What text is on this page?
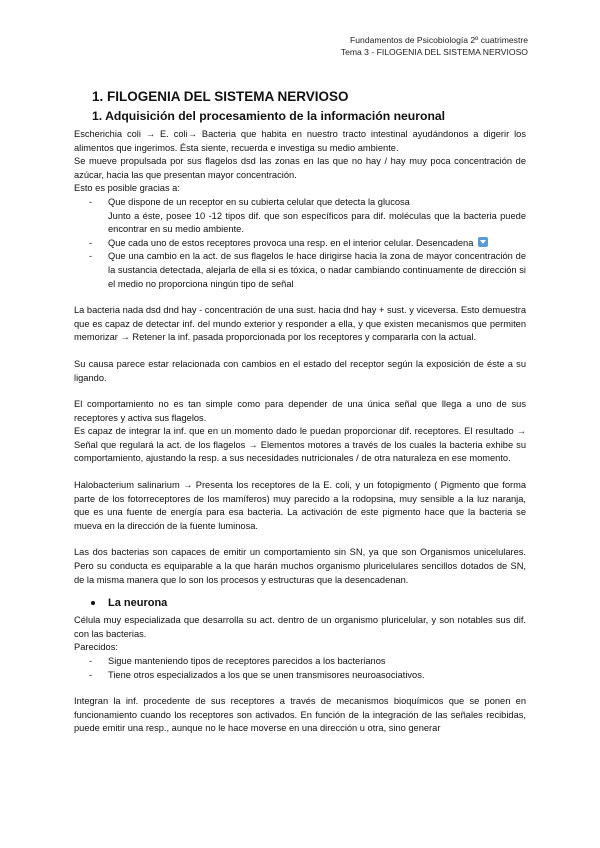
Fundamentos de Psicobiología 2º cuatrimestre
Tema 3 - FILOGENIA DEL SISTEMA NERVIOSO
1. FILOGENIA DEL SISTEMA NERVIOSO
1. Adquisición del procesamiento de la información neuronal

Escherichia coli → E. coli→ Bacteria que habita en nuestro tracto intestinal ayudándonos a digerir los alimentos que ingerimos. Ésta siente, recuerda e investiga su medio ambiente.

Se mueve propulsada por sus flagelos dsd las zonas en las que no hay / hay muy poca concentración de azúcar, hacia las que presentan mayor concentración.

Esto es posible gracias a:

- Que dispone de un receptor en su cubierta celular que detecta la glucosa
Junto a éste, posee 10 -12 tipos dif. que son específicos para dif. moléculas que la bacteria puede encontrar en su medio ambiente.
- Que cada uno de estos receptores provoca una resp. en el interior celular. Desencadena
- Que una cambio en la act. de sus flagelos le hace dirigirse hacia la zona de mayor concentración de la sustancia detectada, alejarla de ella si es tóxica, o nadar cambiando continuamente de dirección si el medio no proporciona ningún tipo de señal

La bacteria nada dsd dnd hay - concentración de una sust. hacia dnd hay + sust. y viceversa. Esto demuestra que es capaz de detectar inf. del mundo exterior y responder a ella, y que existen mecanismos que permiten memorizar → Retener la inf. pasada proporcionada por los receptores y compararla con la actual.

Su causa parece estar relacionada con cambios en el estado del receptor según la exposición de éste a su ligando.

El comportamiento no es tan simple como para depender de una única señal que llega a uno de sus receptores y activa sus flagelos.

Es capaz de integrar la inf. que en un momento dado le puedan proporcionar dif. receptores. El resultado → Señal que regulará la act. de los flagelos → Elementos motores a través de los cuales la bacteria exhibe su comportamiento, ajustando la resp. a sus necesidades nutricionales / de otra naturaleza en ese momento.

Halobacterium salinarium → Presenta los receptores de la E. coli, y un fotopigmento ( Pigmento que forma parte de los fotorreceptores de los mamíferos) muy parecido a la rodopsina, muy sensible a la luz naranja, que es una fuente de energía para esa bacteria. La activación de este pigmento hace que la bacteria se mueva en la dirección de la fuente luminosa.

Las dos bacterias son capaces de emitir un comportamiento sin SN, ya que son Organismos unicelulares. Pero su conducta es equiparable a la que harán muchos organismo pluricelulares sencillos dotados de SN, de la misma manera que lo son los procesos y estructuras que la desencadenan.

La neurona

Célula muy especializada que desarrolla su act. dentro de un organismo pluricelular, y son notables sus dif. con las bacterias.

Parecidos:

- Sigue manteniendo tipos de receptores parecidos a los bacterianos
- Tiene otros especializados a los que se unen transmisores neuroasociativos.

Integran la inf. procedente de sus receptores a través de mecanismos bioquímicos que se ponen en funcionamiento cuando los receptores son activados. En función de la integración de las señales recibidas, puede emitir una resp., aunque no le hace moverse en una dirección u otra, sino generar
